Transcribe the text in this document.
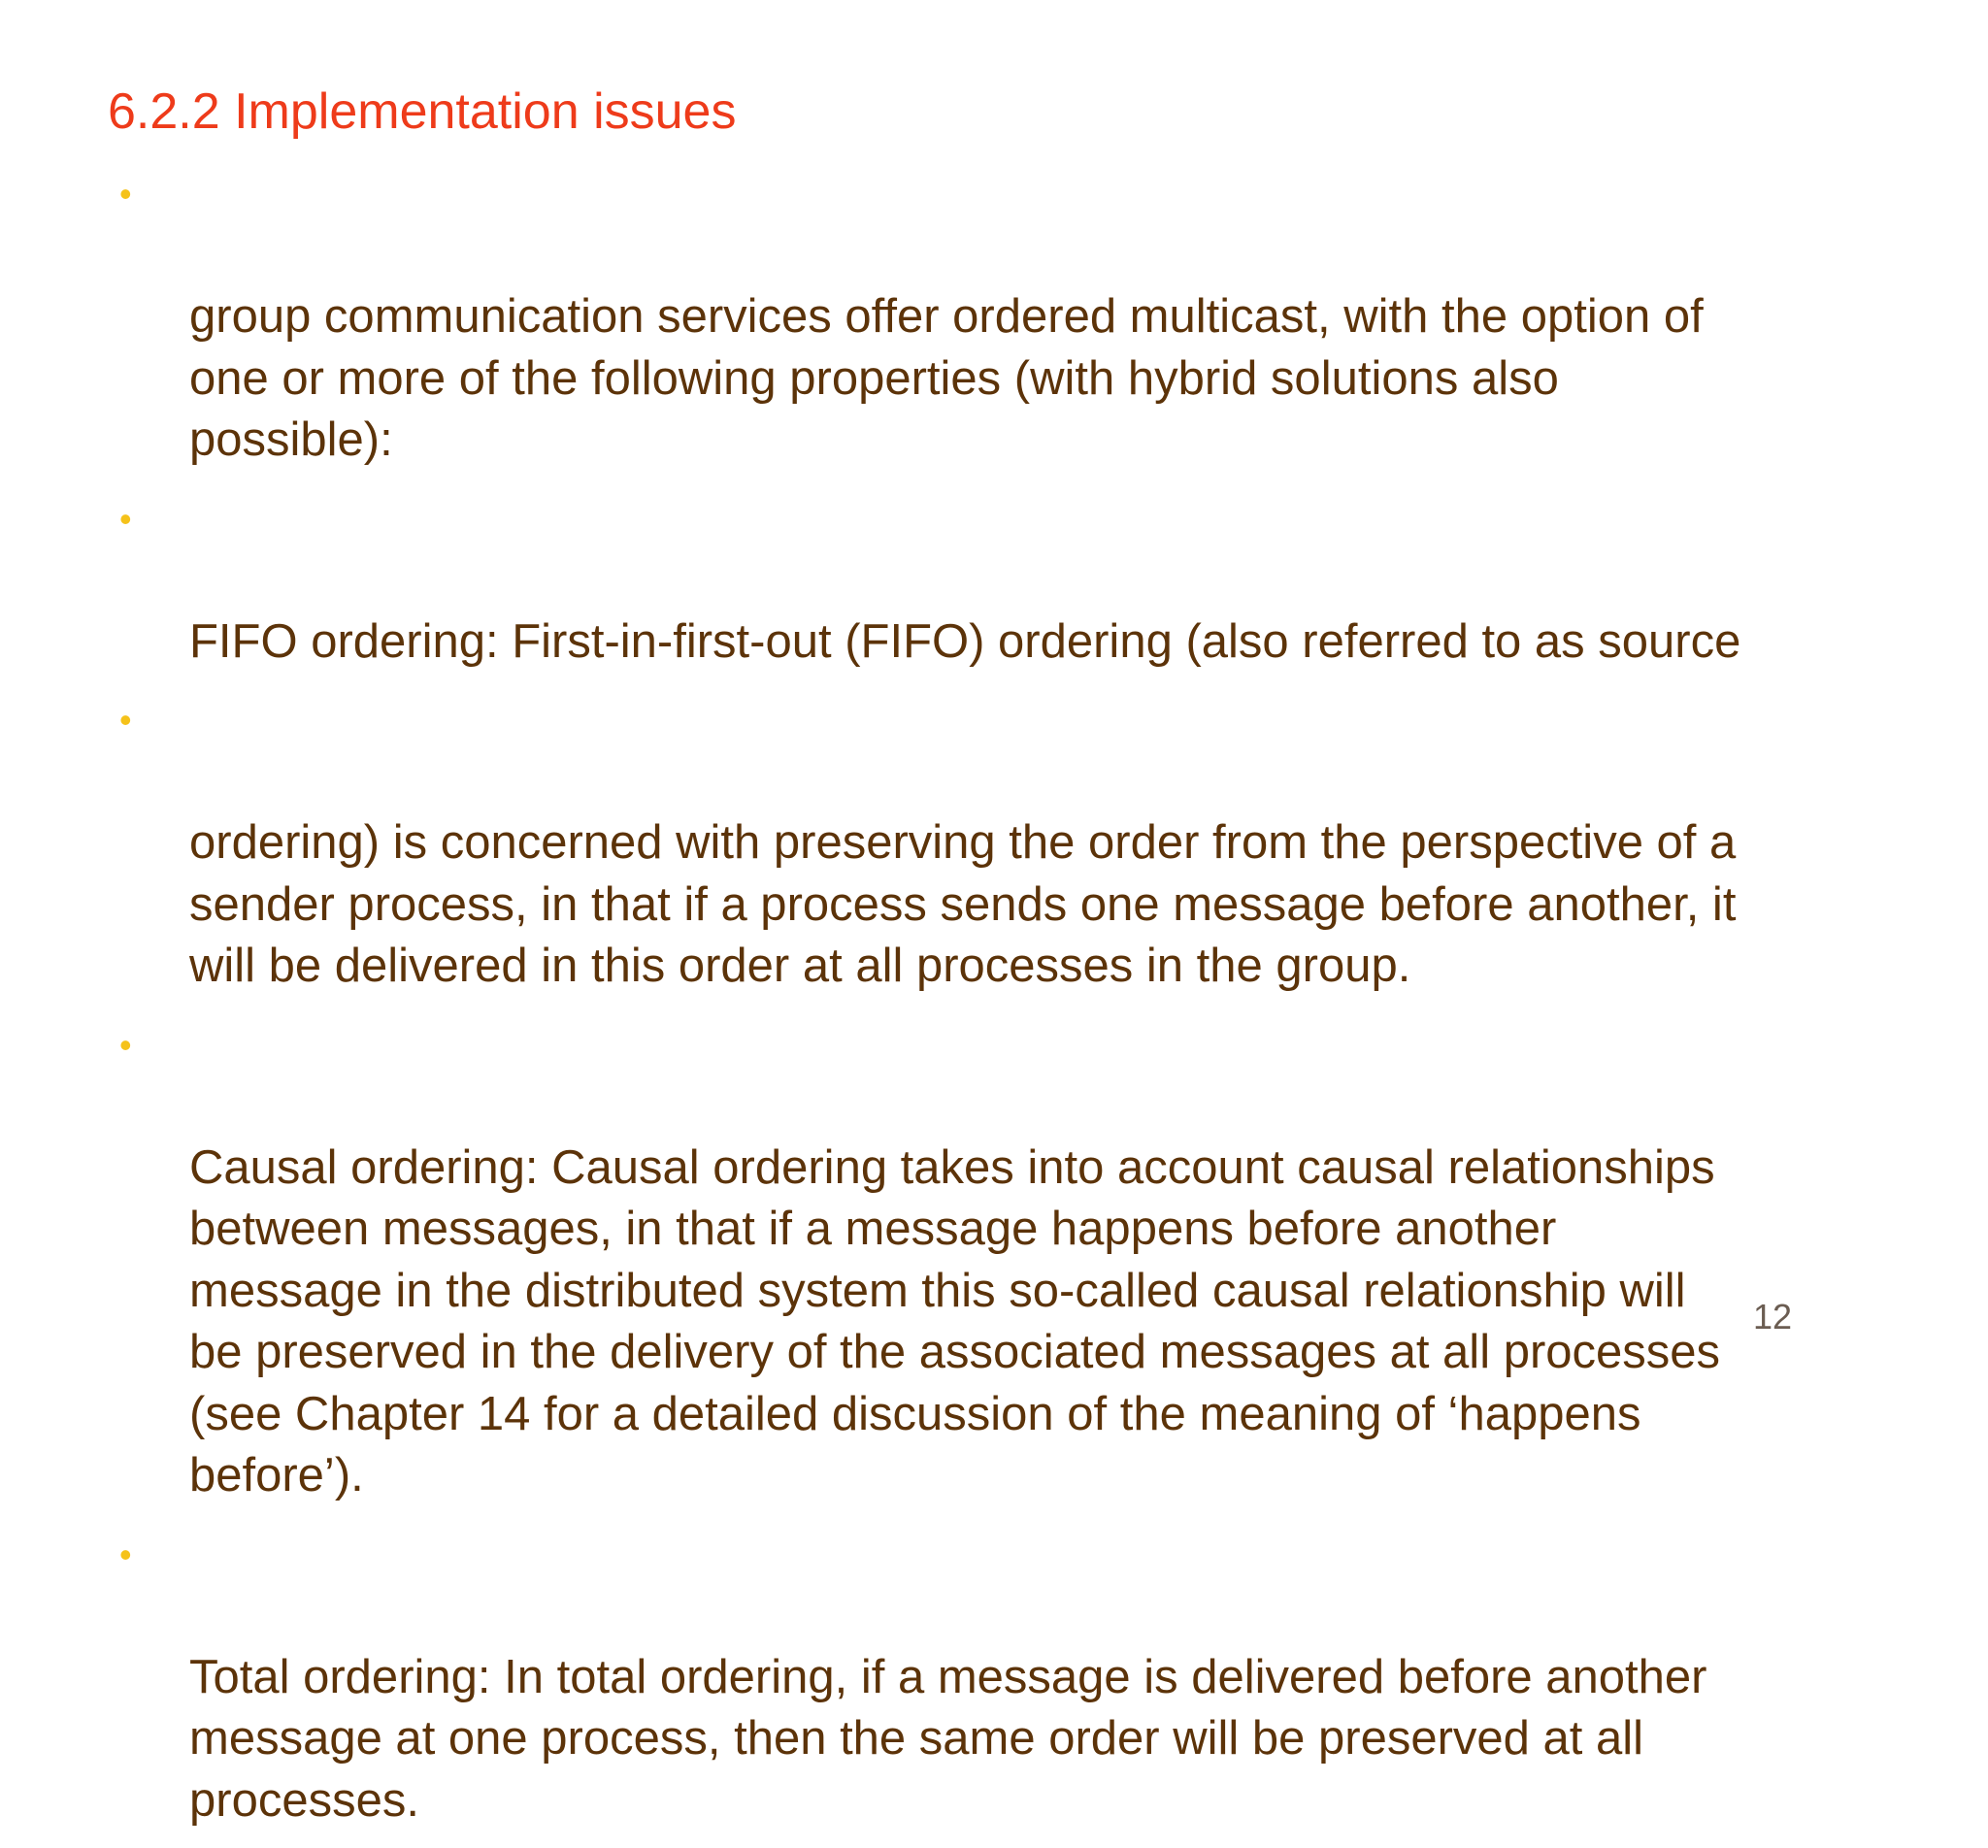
6.2.2 Implementation issues

•

group communication services offer ordered multicast, with the option of
one or more of the following properties (with hybrid solutions also
possible):

•

FIFO ordering: First-in-first-out (FIFO) ordering (also referred to as source

•

ordering) is concerned with preserving the order from the perspective of a
sender process, in that if a process sends one message before another, it
will be delivered in this order at all processes in the group.

•

Causal ordering: Causal ordering takes into account causal relationships
between messages, in that if a message happens before another
message in the distributed system this so-called causal relationship will
be preserved in the delivery of the associated messages at all processes
(see Chapter 14 for a detailed discussion of the meaning of ‘happens
before’).

•

Total ordering: In total ordering, if a message is delivered before another
message at one process, then the same order will be preserved at all
processes.

12
